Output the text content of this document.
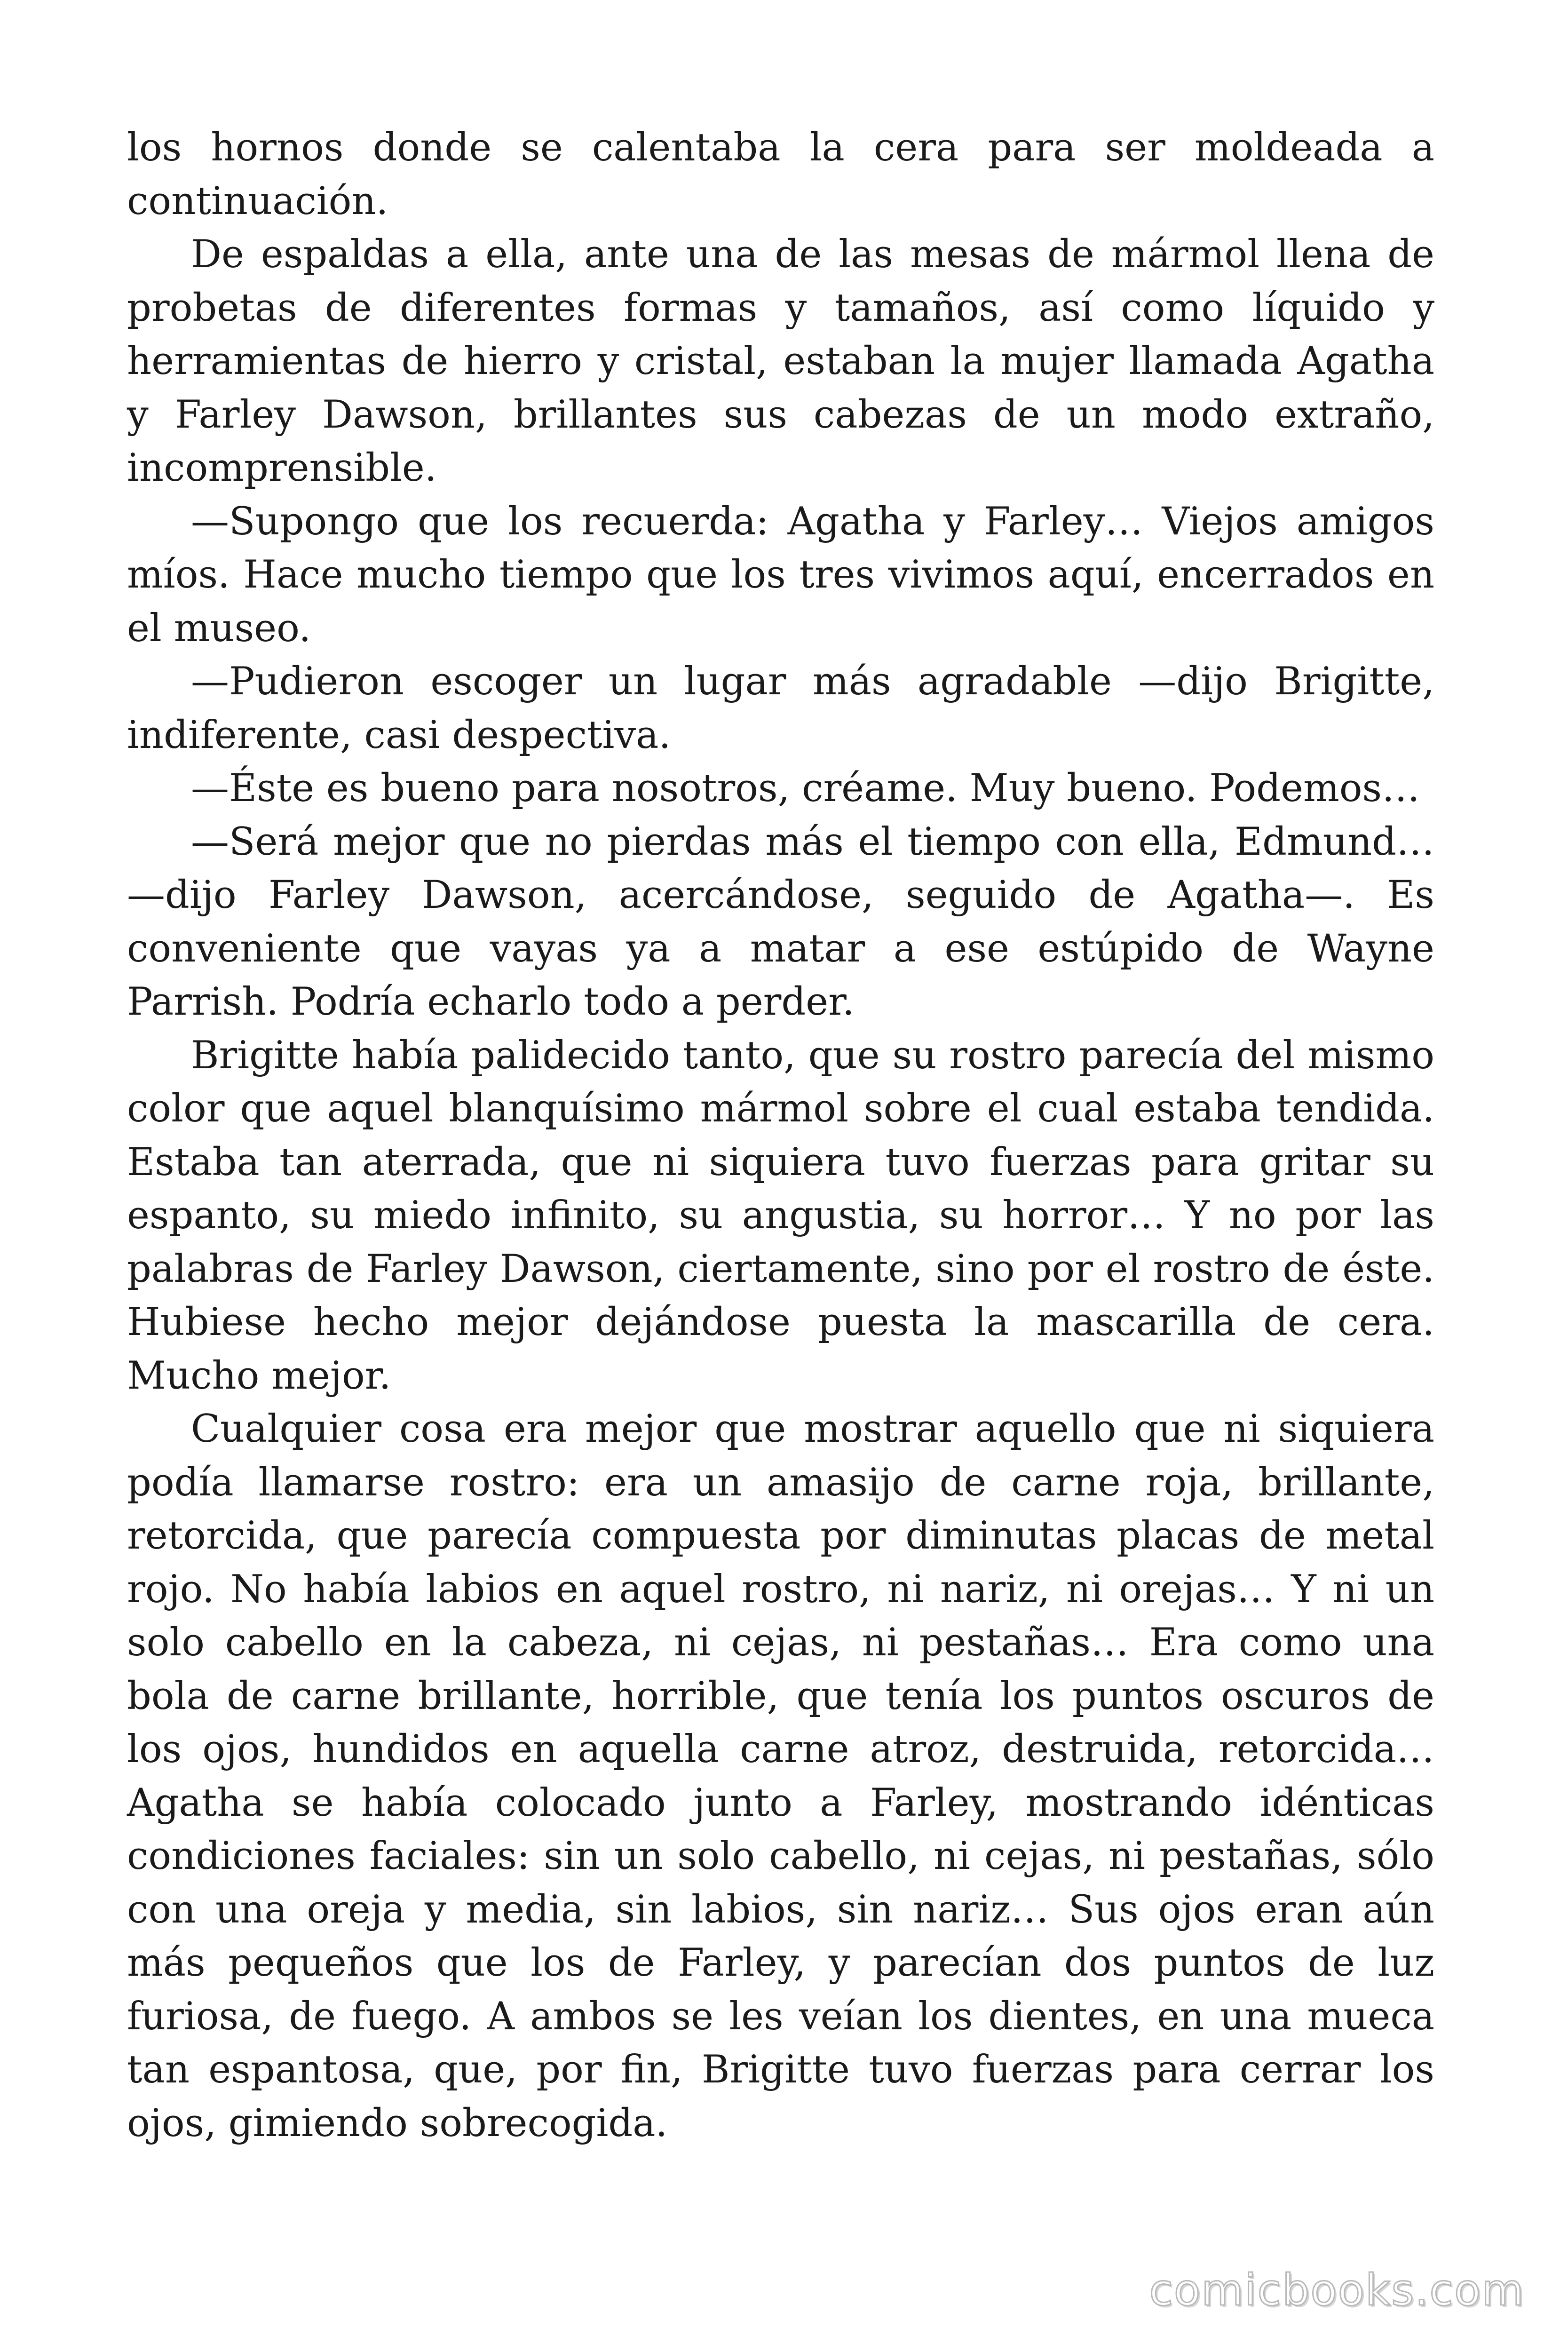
los hornos donde se calentaba la cera para ser moldeada a continuación.

De espaldas a ella, ante una de las mesas de mármol llena de probetas de diferentes formas y tamaños, así como líquido y herramientas de hierro y cristal, estaban la mujer llamada Agatha y Farley Dawson, brillantes sus cabezas de un modo extraño, incomprensible.

—Supongo que los recuerda: Agatha y Farley… Viejos amigos míos. Hace mucho tiempo que los tres vivimos aquí, encerrados en el museo.

—Pudieron escoger un lugar más agradable —dijo Brigitte, indiferente, casi despectiva.

—Éste es bueno para nosotros, créame. Muy bueno. Podemos…

—Será mejor que no pierdas más el tiempo con ella, Edmund… —dijo Farley Dawson, acercándose, seguido de Agatha—. Es conveniente que vayas ya a matar a ese estúpido de Wayne Parrish. Podría echarlo todo a perder.

Brigitte había palidecido tanto, que su rostro parecía del mismo color que aquel blanquísimo mármol sobre el cual estaba tendida. Estaba tan aterrada, que ni siquiera tuvo fuerzas para gritar su espanto, su miedo infinito, su angustia, su horror… Y no por las palabras de Farley Dawson, ciertamente, sino por el rostro de éste. Hubiese hecho mejor dejándose puesta la mascarilla de cera. Mucho mejor.

Cualquier cosa era mejor que mostrar aquello que ni siquiera podía llamarse rostro: era un amasijo de carne roja, brillante, retorcida, que parecía compuesta por diminutas placas de metal rojo. No había labios en aquel rostro, ni nariz, ni orejas… Y ni un solo cabello en la cabeza, ni cejas, ni pestañas… Era como una bola de carne brillante, horrible, que tenía los puntos oscuros de los ojos, hundidos en aquella carne atroz, destruida, retorcida… Agatha se había colocado junto a Farley, mostrando idénticas condiciones faciales: sin un solo cabello, ni cejas, ni pestañas, sólo con una oreja y media, sin labios, sin nariz… Sus ojos eran aún más pequeños que los de Farley, y parecían dos puntos de luz furiosa, de fuego. A ambos se les veían los dientes, en una mueca tan espantosa, que, por fin, Brigitte tuvo fuerzas para cerrar los ojos, gimiendo sobrecogida.

comicbooks.com
